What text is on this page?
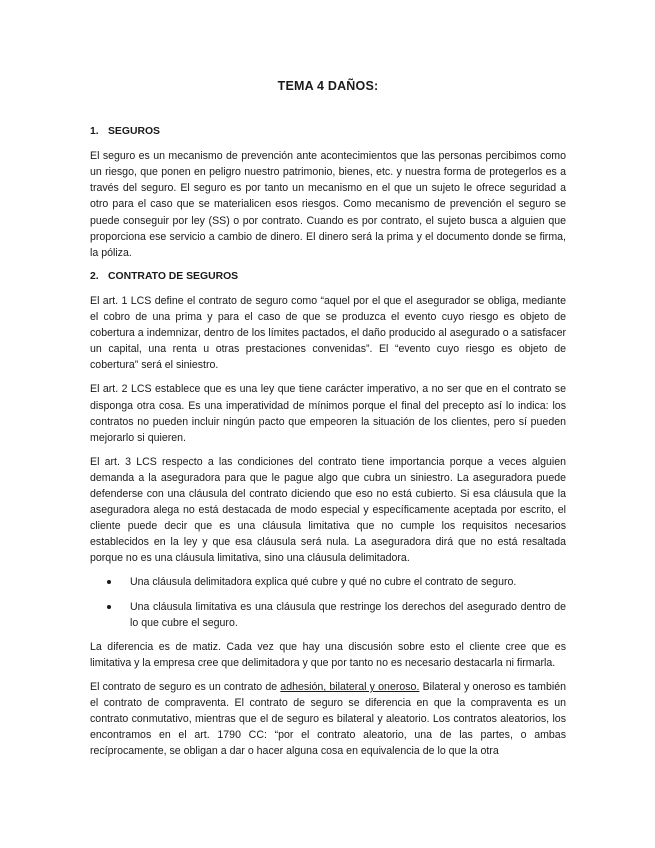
TEMA 4 DAÑOS:
1. SEGUROS

El seguro es un mecanismo de prevención ante acontecimientos que las personas percibimos como un riesgo, que ponen en peligro nuestro patrimonio, bienes, etc. y nuestra forma de protegerlos es a través del seguro. El seguro es por tanto un mecanismo en el que un sujeto le ofrece seguridad a otro para el caso que se materialicen esos riesgos. Como mecanismo de prevención el seguro se puede conseguir por ley (SS) o por contrato. Cuando es por contrato, el sujeto busca a alguien que proporciona ese servicio a cambio de dinero. El dinero será la prima y el documento donde se firma, la póliza.

2. CONTRATO DE SEGUROS

El art. 1 LCS define el contrato de seguro como “aquel por el que el asegurador se obliga, mediante el cobro de una prima y para el caso de que se produzca el evento cuyo riesgo es objeto de cobertura a indemnizar, dentro de los límites pactados, el daño producido al asegurado o a satisfacer un capital, una renta u otras prestaciones convenidas”. El “evento cuyo riesgo es objeto de cobertura” será el siniestro.

El art. 2 LCS establece que es una ley que tiene carácter imperativo, a no ser que en el contrato se disponga otra cosa. Es una imperatividad de mínimos porque el final del precepto así lo indica: los contratos no pueden incluir ningún pacto que empeoren la situación de los clientes, pero sí pueden mejorarlo si quieren.

El art. 3 LCS respecto a las condiciones del contrato tiene importancia porque a veces alguien demanda a la aseguradora para que le pague algo que cubra un siniestro. La aseguradora puede defenderse con una cláusula del contrato diciendo que eso no está cubierto. Si esa cláusula que la aseguradora alega no está destacada de modo especial y específicamente aceptada por escrito, el cliente puede decir que es una cláusula limitativa que no cumple los requisitos necesarios establecidos en la ley y que esa cláusula será nula. La aseguradora dirá que no está resaltada porque no es una cláusula limitativa, sino una cláusula delimitadora.

Una cláusula delimitadora explica qué cubre y qué no cubre el contrato de seguro.
Una cláusula limitativa es una cláusula que restringe los derechos del asegurado dentro de lo que cubre el seguro.

La diferencia es de matiz. Cada vez que hay una discusión sobre esto el cliente cree que es limitativa y la empresa cree que delimitadora y que por tanto no es necesario destacarla ni firmarla.

El contrato de seguro es un contrato de adhesión, bilateral y oneroso. Bilateral y oneroso es también el contrato de compraventa. El contrato de seguro se diferencia en que la compraventa es un contrato conmutativo, mientras que el de seguro es bilateral y aleatorio. Los contratos aleatorios, los encontramos en el art. 1790 CC: “por el contrato aleatorio, una de las partes, o ambas recíprocamente, se obligan a dar o hacer alguna cosa en equivalencia de lo que la otra
